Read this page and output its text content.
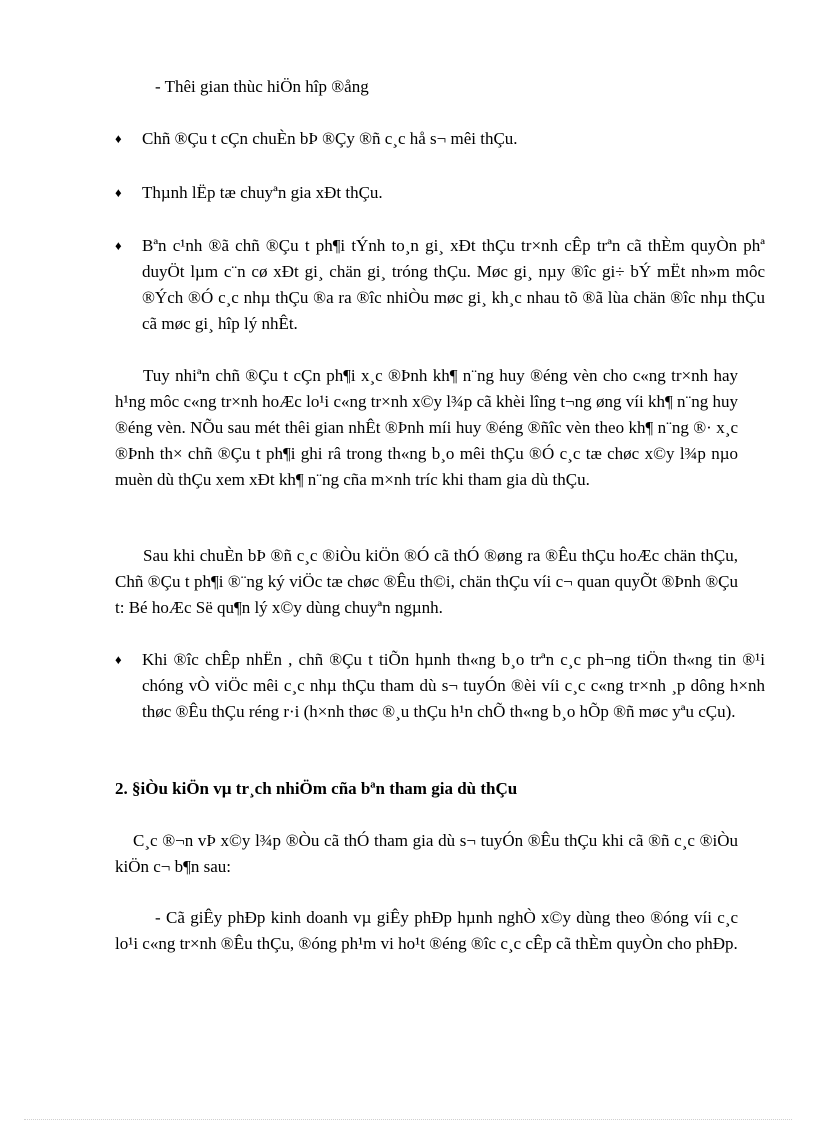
- Thêi gian thùc hiÖn hîp ®ång

♦	Chñ ®Çu t cÇn chuÈn bÞ ®Çy ®ñ c¸c hå s¬ mêi thÇu.
♦	Thµnh lËp tæ chuyªn gia xÐt thÇu.
♦	Bªn c¹nh ®ã chñ ®Çu t ph¶i tÝnh to¸n gi¸ xÐt thÇu tr×nh cÊp trªn cã thÈm quyÒn phª duyÖt lµm c¨n cø xÐt gi¸ chän gi¸ tróng thÇu. Møc gi¸ nµy ®îc gi÷ bÝ mËt nh»m môc ®Ých ®Ó c¸c nhµ thÇu ®a ra ®îc nhiÒu møc gi¸ kh¸c nhau tõ ®ã lùa chän ®îc nhµ thÇu cã møc gi¸ hîp lý nhÊt.

Tuy nhiªn chñ ®Çu t cÇn ph¶i x¸c ®Þnh kh¶ n¨ng huy ®éng vèn cho c«ng tr×nh hay h¹ng môc c«ng tr×nh hoÆc lo¹i c«ng tr×nh x©y l¾p cã khèi lîng t¬ng øng víi kh¶ n¨ng huy ®éng vèn. NÕu sau mét thêi gian nhÊt ®Þnh míi huy ®éng ®ñîc vèn theo kh¶ n¨ng ®· x¸c ®Þnh th× chñ ®Çu t ph¶i ghi râ trong th«ng b¸o mêi thÇu ®Ó c¸c tæ chøc x©y l¾p nµo muèn dù thÇu xem xÐt kh¶ n¨ng cña m×nh tríc khi tham gia dù thÇu.

Sau khi chuÈn bÞ ®ñ c¸c ®iÒu kiÖn ®Ó cã thÓ ®øng ra ®Êu thÇu hoÆc chän thÇu, Chñ ®Çu t ph¶i ®¨ng ký viÖc tæ chøc ®Êu th©i, chän thÇu víi c¬ quan quyÕt ®Þnh ®Çu t: Bé hoÆc Së qu¶n lý x©y dùng chuyªn ngµnh.

♦	Khi ®îc chÊp nhËn , chñ ®Çu t tiÕn hµnh th«ng b¸o trªn c¸c ph¬ng tiÖn th«ng tin ®¹i chóng vÒ viÖc mêi c¸c nhµ thÇu tham dù s¬ tuyÓn ®èi víi c¸c c«ng tr×nh ¸p dông h×nh thøc ®Êu thÇu réng r·i (h×nh thøc ®¸u thÇu h¹n chÕ th«ng b¸o hÕp ®ñ møc yªu cÇu).

2. §iÒu kiÖn vµ tr¸ch nhiÖm cña bªn tham gia dù thÇu

C¸c ®¬n vÞ x©y l¾p ®Òu cã thÓ tham gia dù s¬ tuyÓn ®Êu thÇu khi cã ®ñ c¸c ®iÒu kiÖn c¬ b¶n sau:

- Cã giÊy phÐp kinh doanh vµ giÊy phÐp hµnh nghÒ x©y dùng theo ®óng víi c¸c lo¹i c«ng tr×nh ®Êu thÇu, ®óng ph¹m vi ho¹t ®éng ®îc c¸c cÊp cã thÈm quyÒn cho phÐp.
